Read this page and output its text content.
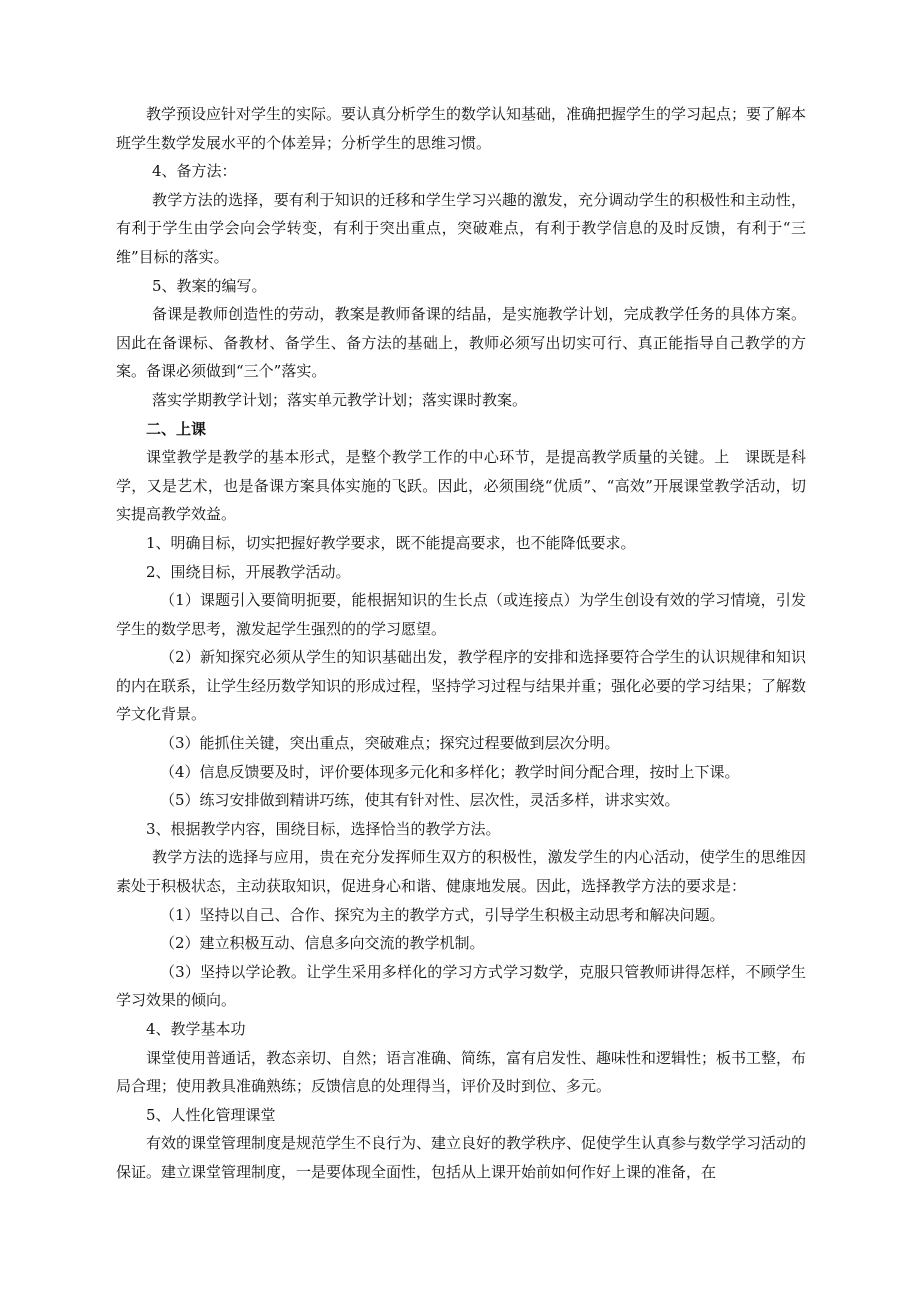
教学预设应针对学生的实际。要认真分析学生的数学认知基础，准确把握学生的学习起点；要了解本班学生数学发展水平的个体差异；分析学生的思维习惯。

4、备方法：

教学方法的选择，要有利于知识的迁移和学生学习兴趣的激发，充分调动学生的积极性和主动性，有利于学生由学会向会学转变，有利于突出重点，突破难点，有利于教学信息的及时反馈，有利于“三维”目标的落实。

5、教案的编写。

备课是教师创造性的劳动，教案是教师备课的结晶，是实施教学计划，完成教学任务的具体方案。因此在备课标、备教材、备学生、备方法的基础上，教师必须写出切实可行、真正能指导自己教学的方案。备课必须做到“三个”落实。

落实学期教学计划；落实单元教学计划；落实课时教案。

二、上课

课堂教学是教学的基本形式，是整个教学工作的中心环节，是提高教学质量的关键。上　课既是科学，又是艺术，也是备课方案具体实施的飞跃。因此，必须围绕“优质”、“高效”开展课堂教学活动，切实提高教学效益。

1、明确目标，切实把握好教学要求，既不能提高要求，也不能降低要求。

2、围绕目标，开展教学活动。

（1）课题引入要简明扼要，能根据知识的生长点（或连接点）为学生创设有效的学习情境，引发学生的数学思考，激发起学生强烈的的学习愿望。

（2）新知探究必须从学生的知识基础出发，教学程序的安排和选择要符合学生的认识规律和知识的内在联系，让学生经历数学知识的形成过程，坚持学习过程与结果并重；强化必要的学习结果；了解数学文化背景。

（3）能抓住关键，突出重点，突破难点；探究过程要做到层次分明。

（4）信息反馈要及时，评价要体现多元化和多样化；教学时间分配合理，按时上下课。

（5）练习安排做到精讲巧练，使其有针对性、层次性，灵活多样，讲求实效。

3、根据教学内容，围绕目标，选择恰当的教学方法。

教学方法的选择与应用，贵在充分发挥师生双方的积极性，激发学生的内心活动，使学生的思维因素处于积极状态，主动获取知识，促进身心和谐、健康地发展。因此，选择教学方法的要求是：

（1）坚持以自己、合作、探究为主的教学方式，引导学生积极主动思考和解决问题。

（2）建立积极互动、信息多向交流的教学机制。

（3）坚持以学论教。让学生采用多样化的学习方式学习数学，克服只管教师讲得怎样，不顾学生学习效果的倾向。

4、教学基本功

课堂使用普通话，教态亲切、自然；语言准确、简练，富有启发性、趣味性和逻辑性；板书工整，布局合理；使用教具准确熟练；反馈信息的处理得当，评价及时到位、多元。

5、人性化管理课堂

有效的课堂管理制度是规范学生不良行为、建立良好的教学秩序、促使学生认真参与数学学习活动的保证。建立课堂管理制度，一是要体现全面性，包括从上课开始前如何作好上课的准备，在
